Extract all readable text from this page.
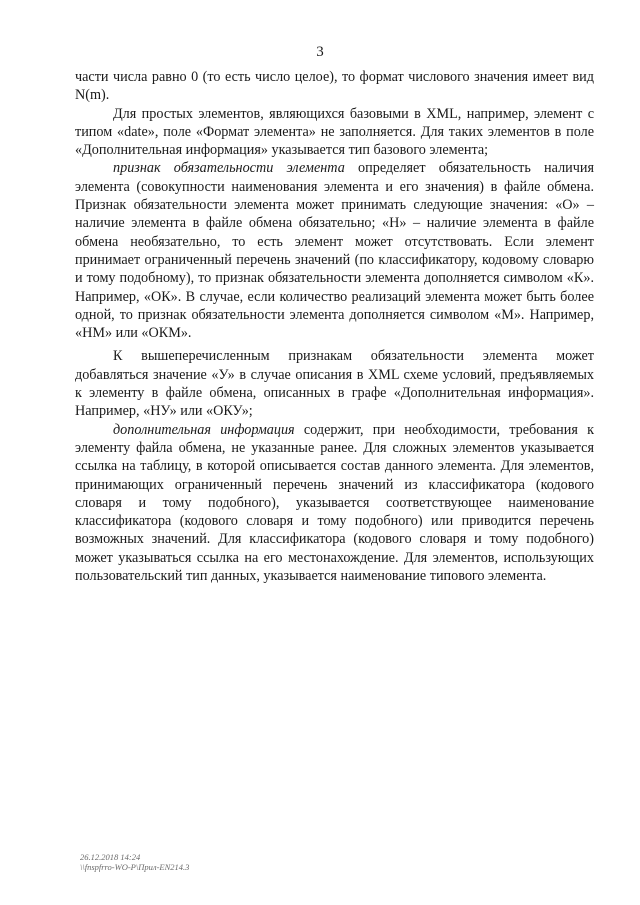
3

части числа равно 0 (то есть число целое), то формат числового значения имеет вид N(m).

Для простых элементов, являющихся базовыми в XML, например, элемент с типом «date», поле «Формат элемента» не заполняется. Для таких элементов в поле «Дополнительная информация» указывается тип базового элемента;

признак обязательности элемента определяет обязательность наличия элемента (совокупности наименования элемента и его значения) в файле обмена. Признак обязательности элемента может принимать следующие значения: «О» – наличие элемента в файле обмена обязательно; «Н» – наличие элемента в файле обмена необязательно, то есть элемент может отсутствовать. Если элемент принимает ограниченный перечень значений (по классификатору, кодовому словарю и тому подобному), то признак обязательности элемента дополняется символом «К». Например, «ОК». В случае, если количество реализаций элемента может быть более одной, то признак обязательности элемента дополняется символом «М». Например, «НМ» или «ОКМ».

К вышеперечисленным признакам обязательности элемента может добавляться значение «У» в случае описания в XML схеме условий, предъявляемых к элементу в файле обмена, описанных в графе «Дополнительная информация». Например, «НУ» или «ОКУ»;

дополнительная информация содержит, при необходимости, требования к элементу файла обмена, не указанные ранее. Для сложных элементов указывается ссылка на таблицу, в которой описывается состав данного элемента. Для элементов, принимающих ограниченный перечень значений из классификатора (кодового словаря и тому подобного), указывается соответствующее наименование классификатора (кодового словаря и тому подобного) или приводится перечень возможных значений. Для классификатора (кодового словаря и тому подобного) может указываться ссылка на его местонахождение. Для элементов, использующих пользовательский тип данных, указывается наименование типового элемента.

26.12.2018 14:24
\\fnspfrro-WO-P\Прил-EN214.3
